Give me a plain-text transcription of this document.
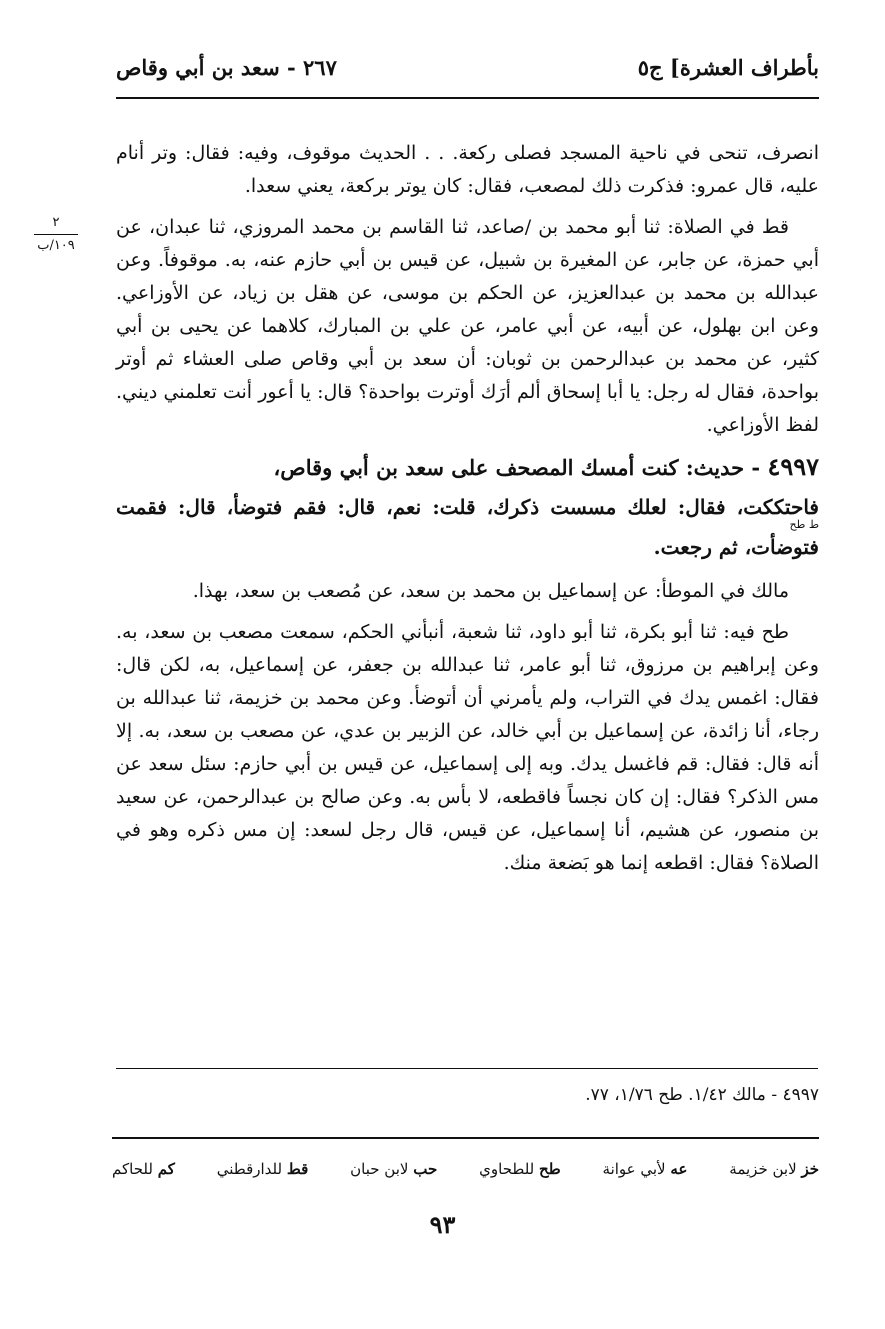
بأطراف العشرة] ج٥
٢٦٧ - سعد بن أبي وقاص
٢
١٠٩/ب

انصرف، تنحى في ناحية المسجد فصلى ركعة. . . الحديث موقوف، وفيه: فقال: وتر أنام عليه، قال عمرو: فذكرت ذلك لمصعب، فقال: كان يوتر بركعة، يعني سعدا.

قط في الصلاة: ثنا أبو محمد بن /صاعد، ثنا القاسم بن محمد المروزي، ثنا عبدان، عن أبي حمزة، عن جابر، عن المغيرة بن شبيل، عن قيس بن أبي حازم عنه، به. موقوفاً. وعن عبدالله بن محمد بن عبدالعزيز، عن الحكم بن موسى، عن هقل بن زياد، عن الأوزاعي. وعن ابن بهلول، عن أبيه، عن أبي عامر، عن علي بن المبارك، كلاهما عن يحيى بن أبي كثير، عن محمد بن عبدالرحمن بن ثوبان: أن سعد بن أبي وقاص صلى العشاء ثم أوتر بواحدة، فقال له رجل: يا أبا إسحاق ألم أرَك أوترت بواحدة؟ قال: يا أعور أنت تعلمني ديني. لفظ الأوزاعي.

٤٩٩٧ - حديث: كنت أمسك المصحف على سعد بن أبي وقاص،

فاحتككت، فقال: لعلك مسست ذكرك، قلت: نعم، قال: فقم فتوضأ، قال: فقمت فتوضأت، ثم رجعت.

مالك في الموطأ: عن إسماعيل بن محمد بن سعد، عن مُصعب بن سعد، بهذا.

طح فيه: ثنا أبو بكرة، ثنا أبو داود، ثنا شعبة، أنبأني الحكم، سمعت مصعب بن سعد، به. وعن إبراهيم بن مرزوق، ثنا أبو عامر، ثنا عبدالله بن جعفر، عن إسماعيل، به، لكن قال: فقال: اغمس يدك في التراب، ولم يأمرني أن أتوضأ. وعن محمد بن خزيمة، ثنا عبدالله بن رجاء، أنا زائدة، عن إسماعيل بن أبي خالد، عن الزبير بن عدي، عن مصعب بن سعد، به. إلا أنه قال: فقال: قم فاغسل يدك. وبه إلى إسماعيل، عن قيس بن أبي حازم: سئل سعد عن مس الذكر؟ فقال: إن كان نجساً فاقطعه، لا بأس به. وعن صالح بن عبدالرحمن، عن سعيد بن منصور، عن هشيم، أنا إسماعيل، عن قيس، قال رجل لسعد: إن مس ذكره وهو في الصلاة؟ فقال: اقطعه إنما هو بَضعة منك.

ط طح
٤٩٩٧ - مالك ١/٤٢. طح ١/٧٦، ٧٧.
خز لابن خزيمة
عه لأبي عوانة
طح للطحاوي
حب لابن حبان
قط للدارقطني
كم للحاكم
٩٣
